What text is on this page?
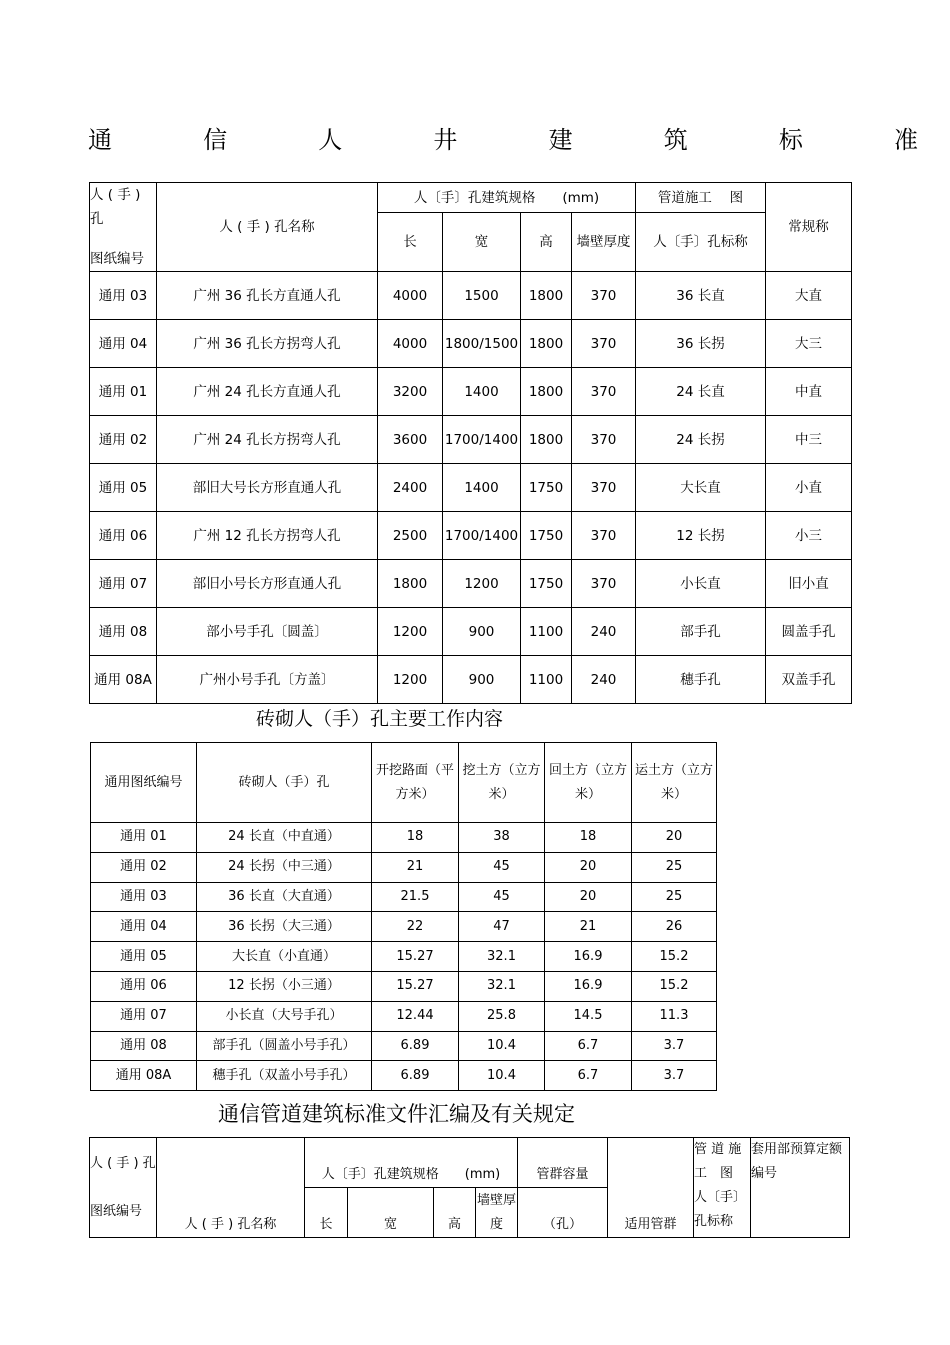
通	信	人	井	建	筑	标	准
人 ( 手 ) 孔
图纸编号	人 ( 手 ) 孔名称	人〔手〕孔建筑规格　　(mm)				管道施工　 图	常规称
		长	宽	高	墙壁厚度	人〔手〕孔标称	
通用 03	广州 36 孔长方直通人孔	4000	1500	1800	370	36 长直	大直
通用 04	广州 36 孔长方拐弯人孔	4000	1800/1500	1800	370	36 长拐	大三
通用 01	广州 24 孔长方直通人孔	3200	1400	1800	370	24 长直	中直
通用 02	广州 24 孔长方拐弯人孔	3600	1700/1400	1800	370	24 长拐	中三
通用 05	部旧大号长方形直通人孔	2400	1400	1750	370	大长直	小直
通用 06	广州 12 孔长方拐弯人孔	2500	1700/1400	1750	370	12 长拐	小三
通用 07	部旧小号长方形直通人孔	1800	1200	1750	370	小长直	旧小直
通用 08	部小号手孔〔圆盖〕	1200	900	1100	240	部手孔	圆盖手孔
通用 08A	广州小号手孔〔方盖〕	1200	900	1100	240	穗手孔	双盖手孔
砖砌人（手）孔主要工作内容
通用图纸编号	砖砌人（手）孔	开挖路面（平方米）	挖土方（立方米）	回土方（立方米）	运土方（立方米）
通用 01	24 长直（中直通）	18	38	18	20
通用 02	24 长拐（中三通）	21	45	20	25
通用 03	36 长直（大直通）	21.5	45	20	25
通用 04	36 长拐（大三通）	22	47	21	26
通用 05	大长直（小直通）	15.27	32.1	16.9	15.2
通用 06	12 长拐（小三通）	15.27	32.1	16.9	15.2
通用 07	小长直（大号手孔）	12.44	25.8	14.5	11.3
通用 08	部手孔（圆盖小号手孔）	6.89	10.4	6.7	3.7
通用 08A	穗手孔（双盖小号手孔）	6.89	10.4	6.7	3.7
通信管道建筑标准文件汇编及有关规定
人 ( 手 ) 孔
图纸编号	人 ( 手 ) 孔名称	人〔手〕孔建筑规格　　(mm)				管群容量	适用管群	管 道 施 工　图 人〔手〕孔标称	套用部预算定额编号
		长	宽	高	墙壁厚度	（孔）			
